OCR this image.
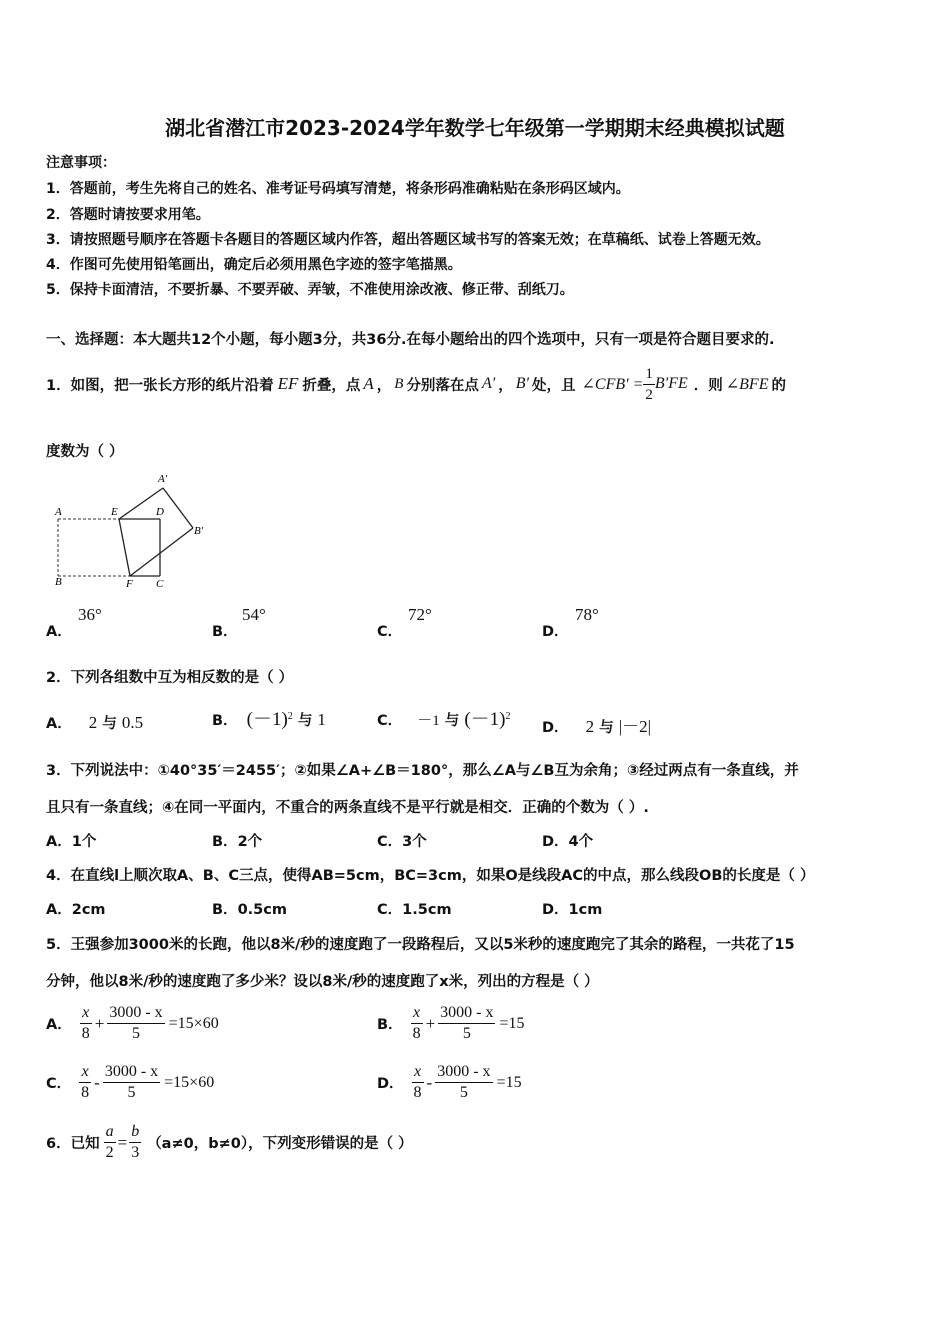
湖北省潜江市2023-2024学年数学七年级第一学期期末经典模拟试题
注意事项：
1．答题前，考生先将自己的姓名、准考证号码填写清楚，将条形码准确粘贴在条形码区域内。
2．答题时请按要求用笔。
3．请按照题号顺序在答题卡各题目的答题区域内作答，超出答题区域书写的答案无效；在草稿纸、试卷上答题无效。
4．作图可先使用铅笔画出，确定后必须用黑色字迹的签字笔描黑。
5．保持卡面清洁，不要折暴、不要弄破、弄皱，不准使用涂改液、修正带、刮纸刀。
一、选择题：本大题共12个小题，每小题3分，共36分.在每小题给出的四个选项中，只有一项是符合题目要求的.
1．如图，把一张长方形的纸片沿着 EF 折叠，点 A ， B 分别落在点 A′ ， B′ 处，且 ∠CFB′ = $\frac{1}{2} B'FE$ ．则 ∠BFE 的
度数为（ ）
A
B
E	D
F C
A′
B′
A．
36°
B．
54°
C．
72°
D．
78°
2．下列各组数中互为相反数的是（ ）
A． 2 与 0.5	B． $(-1)^2$ 与 1	C． －1 与 $(-1)^2$
D． 2 与 |－2|
3．下列说法中：①40°35′＝2455′；②如果∠A+∠B＝180°，那么∠A与∠B互为余角；③经过两点有一条直线，并
且只有一条直线；④在同一平面内，不重合的两条直线不是平行就是相交．正确的个数为（ ）.
A．1个	B．2个	C．3个	D．4个
4．在直线l上顺次取A、B、C三点，使得AB=5cm，BC=3cm，如果O是线段AC的中点，那么线段OB的长度是（ ）
A．2cm	B．0.5cm	C．1.5cm	D．1cm
5．王强参加3000米的长跑，他以8米/秒的速度跑了一段路程后，又以5米秒的速度跑完了其余的路程，一共花了15
分钟，他以8米/秒的速度跑了多少米？设以8米/秒的速度跑了x米，列出的方程是（ ）
A． $\frac{x}{8} + \frac{3000 - x}{5} =15\times 60$	B． $\frac{x}{8} + \frac{3000 - x}{5} =15$
C． $\frac{x}{8} - \frac{3000 - x}{5} =15\times 60$	D． $\frac{x}{8} - \frac{3000 - x}{5} =15$
6．已知 $\frac{a}{2} = \frac{b}{3} (a\ne 0$，b≠0），下列变形错误的是（ ）
